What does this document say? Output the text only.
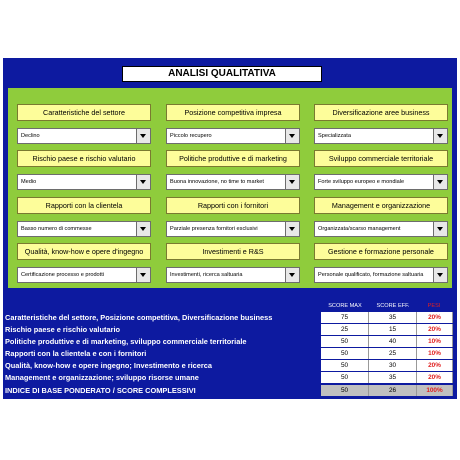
ANALISI QUALITATIVA
Caratteristiche del settore
Declino
Posizione competitiva impresa
Piccolo recupero
Diversificazione aree business
Specializzata
Rischio paese e rischio valutario
Medio
Politiche produttive e di marketing
Buona innovazione, no time to market
Sviluppo commerciale territoriale
Forte sviluppo europeo e mondiale
Rapporti con la clientela
Basso numero di commesse
Rapporti con i fornitori
Parziale presenza fornitori esclusivi
Management e organizzazione
Organizzata/scarso management
Qualità, know-how e opere d'ingegno
Certificazione processo e prodotti
Investimenti e R&S
Investimenti, ricerca saltuaria
Gestione e formazione personale
Personale qualificato, formazione saltuaria
SCORE MAX	SCORE EFF.	PESI
Caratteristiche del settore, Posizione competitiva, Diversificazione business	75	35	20%
Rischio paese e rischio valutario	25	15	20%
Politiche produttive e di marketing, sviluppo commerciale territoriale	50	40	10%
Rapporti con la clientela e con i fornitori	50	25	10%
Qualità, know-how e opere ingegno; Investimento e ricerca	50	30	20%
Management e organizzazione; sviluppo risorse umane	50	35	20%
INDICE DI BASE PONDERATO / SCORE COMPLESSIVI	50	26	100%
